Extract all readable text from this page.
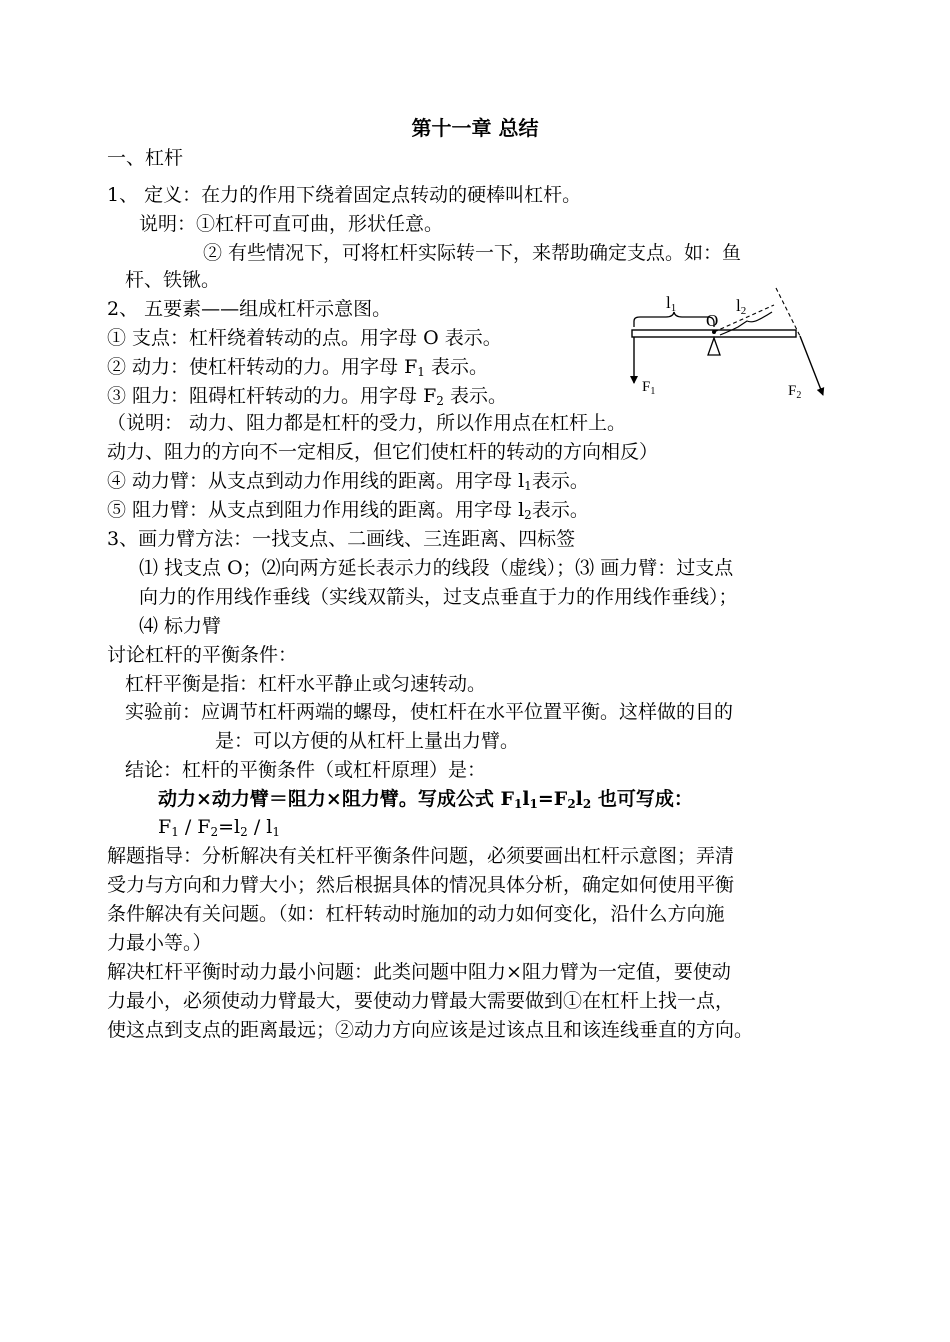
第十一章 总结

一、杠杆

1、 定义：在力的作用下绕着固定点转动的硬棒叫杠杆。

说明：①杠杆可直可曲，形状任意。

② 有些情况下，可将杠杆实际转一下，来帮助确定支点。如：鱼

杆、铁锹。

2、 五要素——组成杠杆示意图。

① 支点：杠杆绕着转动的点。用字母 O 表示。

② 动力：使杠杆转动的力。用字母 $F_1$ 表示。

③ 阻力：阻碍杠杆转动的力。用字母 $F_2$ 表示。

（说明： 动力、阻力都是杠杆的受力，所以作用点在杠杆上。

动力、阻力的方向不一定相反，但它们使杠杆的转动的方向相反）

④ 动力臂：从支点到动力作用线的距离。用字母 $l_1$表示。

⑤ 阻力臂：从支点到阻力作用线的距离。用字母 $l_2$表示。

3、画力臂方法：一找支点、二画线、三连距离、四标签

⑴ 找支点 O；⑵向两方延长表示力的线段（虚线）；⑶ 画力臂：过支点

向力的作用线作垂线（实线双箭头，过支点垂直于力的作用线作垂线）；

⑷ 标力臂

讨论杠杆的平衡条件：

杠杆平衡是指：杠杆水平静止或匀速转动。

实验前：应调节杠杆两端的螺母，使杠杆在水平位置平衡。这样做的目的

是：可以方便的从杠杆上量出力臂。

结论：杠杆的平衡条件（或杠杆原理）是：

动力×动力臂＝阻力×阻力臂。写成公式 $F_1l_1=F_2l_2$ 也可写成：

$F_1 / F_2=l_2 / l_1$

解题指导：分析解决有关杠杆平衡条件问题，必须要画出杠杆示意图；弄清

受力与方向和力臂大小；然后根据具体的情况具体分析，确定如何使用平衡

条件解决有关问题。（如：杠杆转动时施加的动力如何变化，沿什么方向施

力最小等。）

解决杠杆平衡时动力最小问题：此类问题中阻力×阻力臂为一定值，要使动

力最小，必须使动力臂最大，要使动力臂最大需要做到①在杠杆上找一点，

使这点到支点的距离最远；②动力方向应该是过该点且和该连线垂直的方向。

l1	l2
O
$F_1$	$F_2$
